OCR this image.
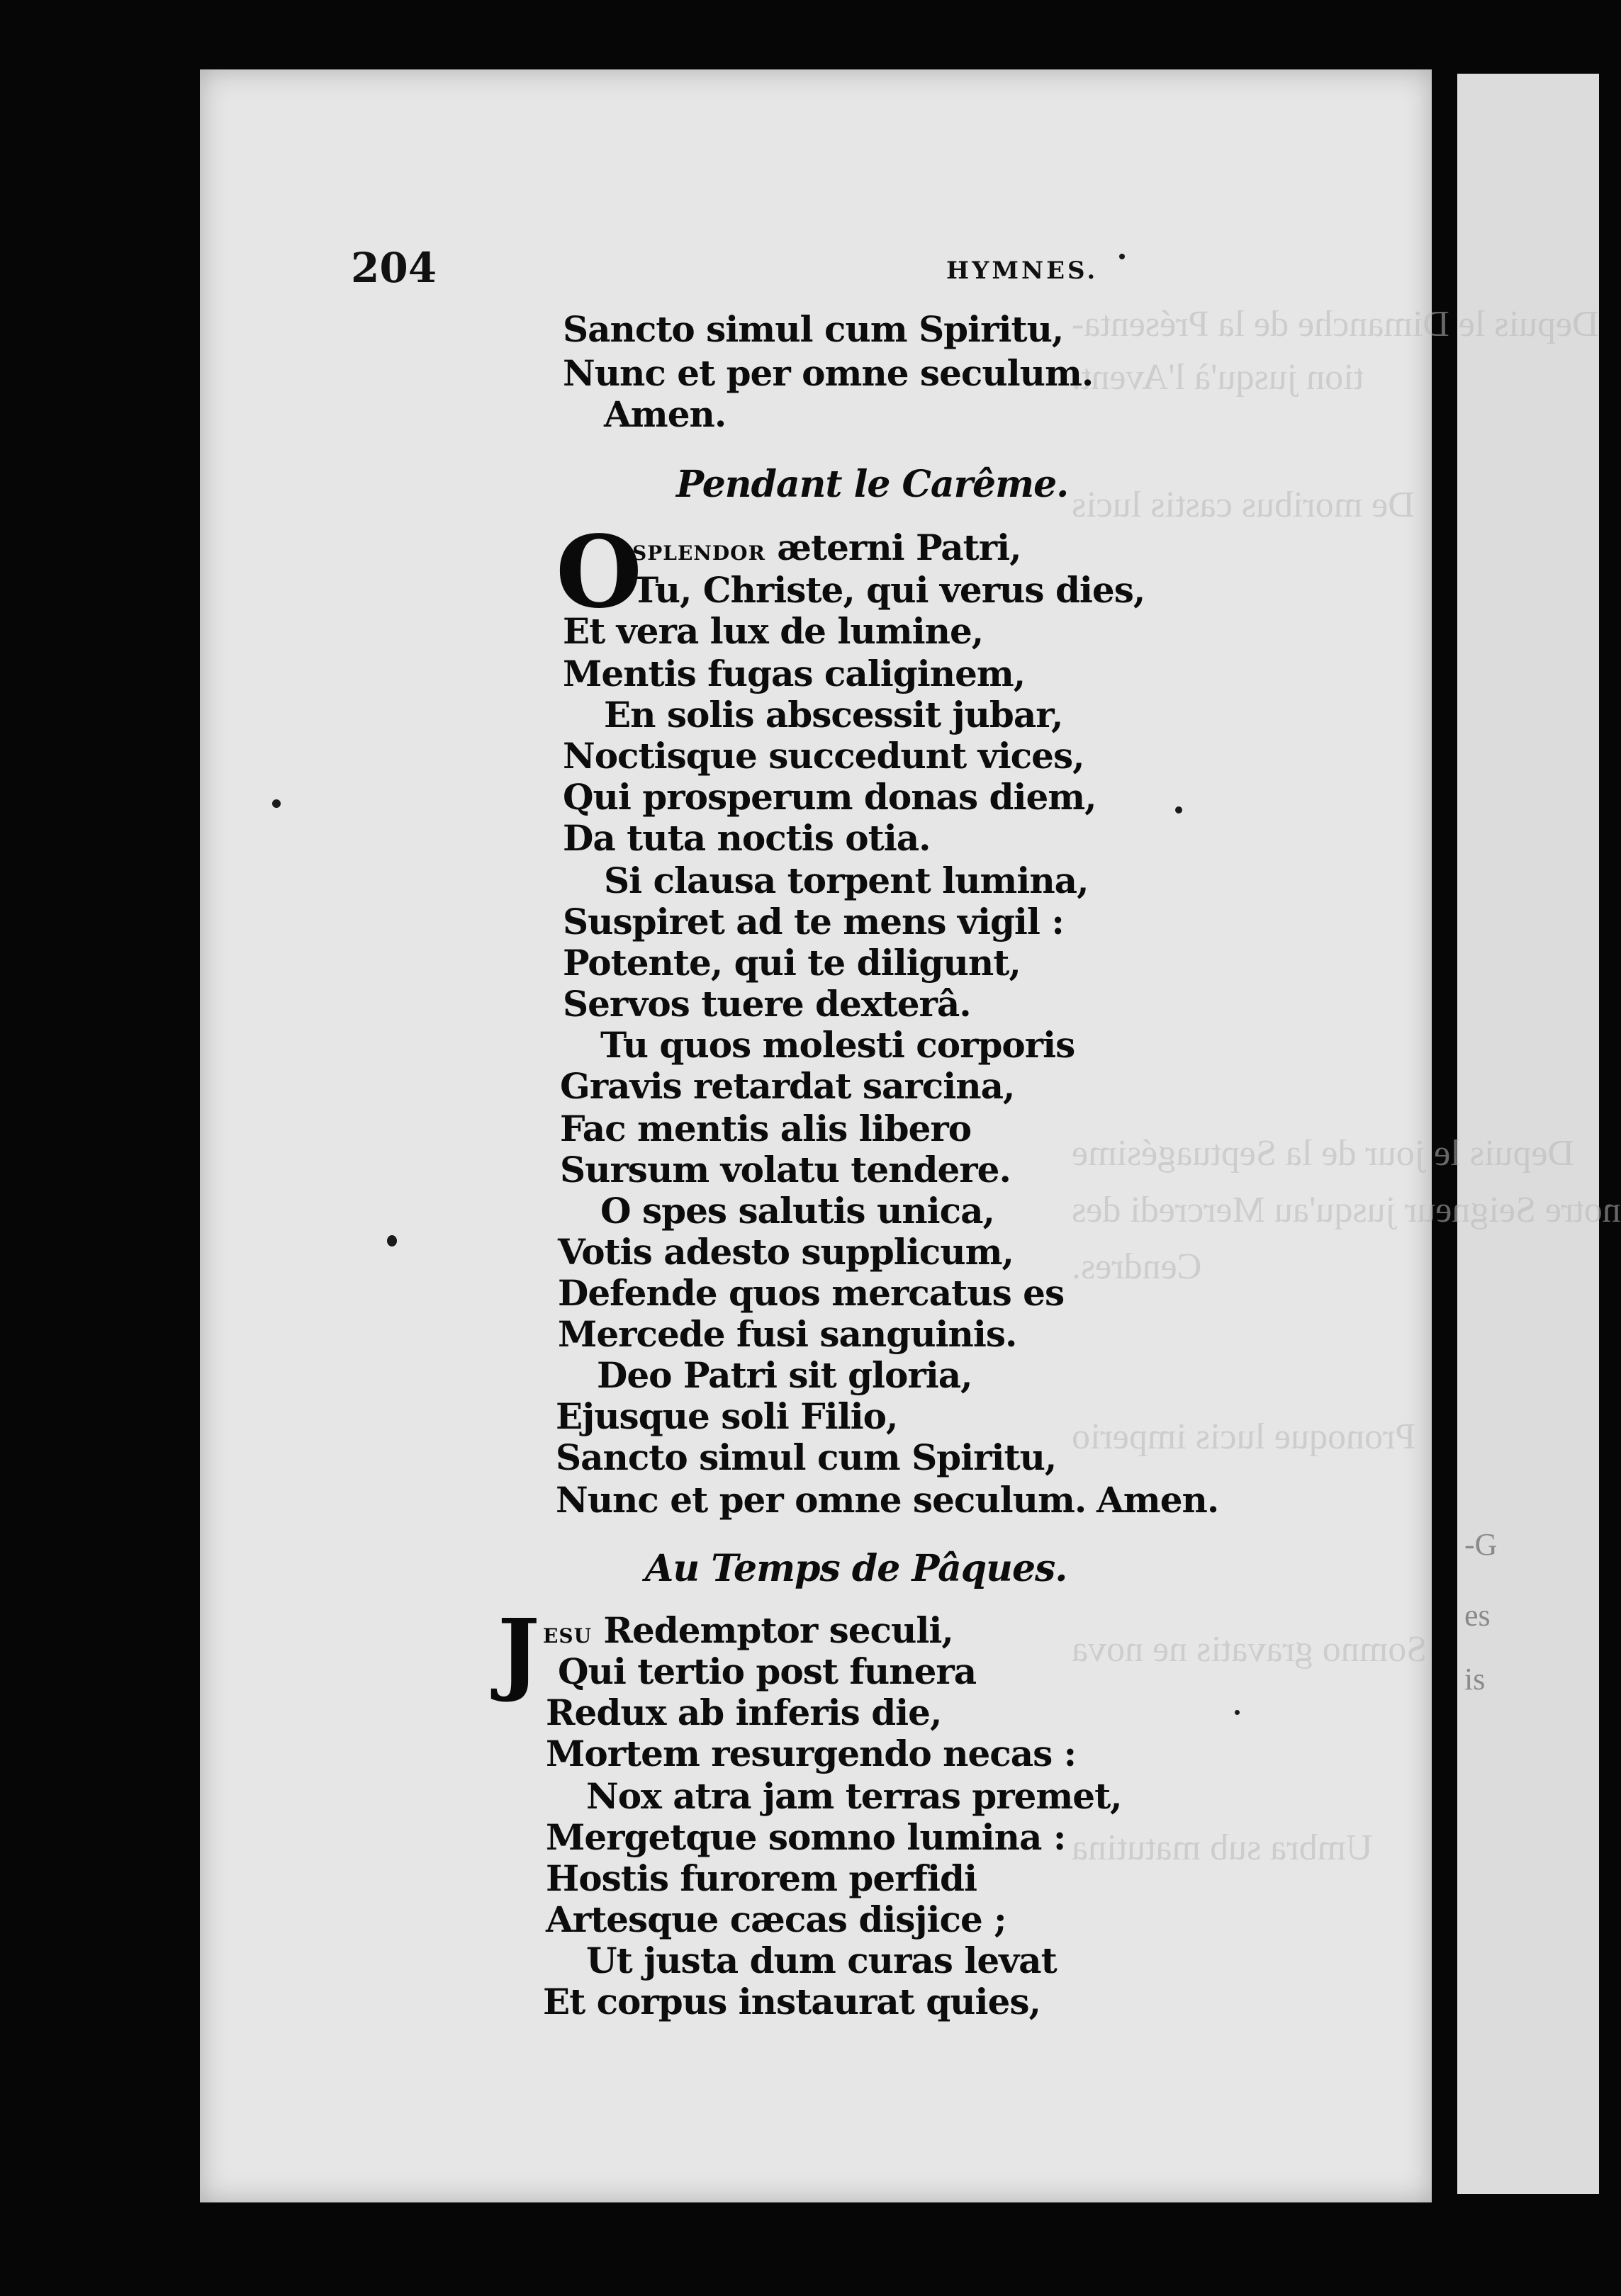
-G
es
is
Depuis le Dimanche de la Présenta-
tion jusqu'à l'Avent.
De moribus castis lucis
Depuis le jour de la Septuagésime
notre Seigneur jusqu'au Mercredi des
Cendres.
Pronoque lucis imperio
Somno gravatis ne nova
Umbra sub matutina
204	HYMNES.
Sancto simul cum Spiritu,
Nunc et per omne seculum.
Amen.
Pendant le Carême.
O
splendor æterni Patri,
Tu, Christe, qui verus dies,
Et vera lux de lumine,
Mentis fugas caliginem,
En solis abscessit jubar,
Noctisque succedunt vices,
Qui prosperum donas diem,
Da tuta noctis otia.
Si clausa torpent lumina,
Suspiret ad te mens vigil :
Potente, qui te diligunt,
Servos tuere dexterâ.
Tu quos molesti corporis
Gravis retardat sarcina,
Fac mentis alis libero
Sursum volatu tendere.
O spes salutis unica,
Votis adesto supplicum,
Defende quos mercatus es
Mercede fusi sanguinis.
Deo Patri sit gloria,
Ejusque soli Filio,
Sancto simul cum Spiritu,
Nunc et per omne seculum. Amen.
Au Temps de Pâques.
J esu Redemptor seculi,
Qui tertio post funera
Redux ab inferis die,
Mortem resurgendo necas :
Nox atra jam terras premet,
Mergetque somno lumina :
Hostis furorem perfidi
Artesque cæcas disjice ;
Ut justa dum curas levat
Et corpus instaurat quies,
